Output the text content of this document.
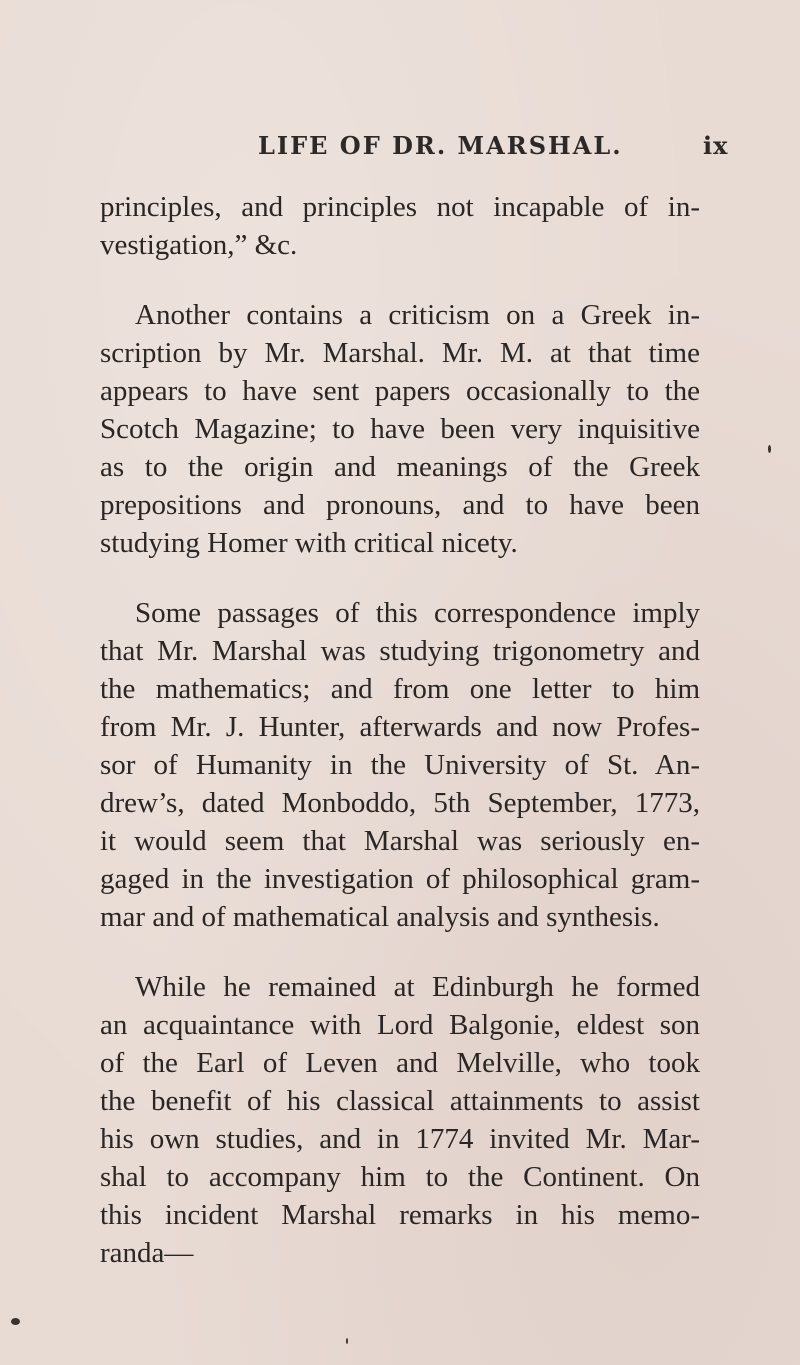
LIFE OF DR. MARSHAL.	ix

principles, and principles not incapable of in-
vestigation,” &c.

Another contains a criticism on a Greek in-
scription by Mr. Marshal. Mr. M. at that time
appears to have sent papers occasionally to the
Scotch Magazine; to have been very inquisitive
as to the origin and meanings of the Greek
prepositions and pronouns, and to have been
studying Homer with critical nicety.

Some passages of this correspondence imply
that Mr. Marshal was studying trigonometry and
the mathematics; and from one letter to him
from Mr. J. Hunter, afterwards and now Profes-
sor of Humanity in the University of St. An-
drew’s, dated Monboddo, 5th September, 1773,
it would seem that Marshal was seriously en-
gaged in the investigation of philosophical gram-
mar and of mathematical analysis and synthesis.

While he remained at Edinburgh he formed
an acquaintance with Lord Balgonie, eldest son
of the Earl of Leven and Melville, who took
the benefit of his classical attainments to assist
his own studies, and in 1774 invited Mr. Mar-
shal to accompany him to the Continent. On
this incident Marshal remarks in his memo-
randa—
